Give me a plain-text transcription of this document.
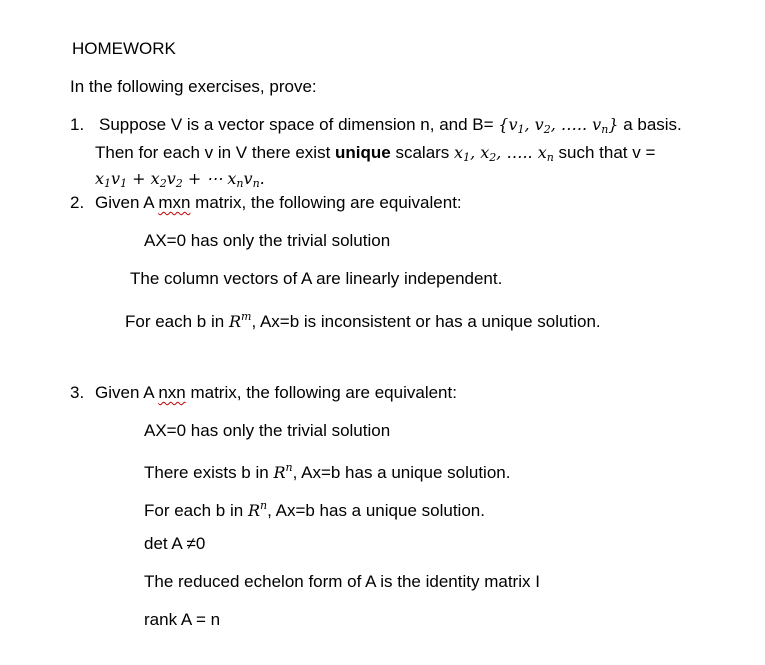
HOMEWORK
In the following exercises, prove:
1. Suppose V is a vector space of dimension n, and $B= \{v_1$, $v_2$, ….. $v_n$} a basis.
Then for each v in V there exist unique scalars $x_1$, $x_2$, ….. $x_n$ such that v =
$x_1v_1 + x_2v_2$ + ⋯ $x_nv_n$.
2. Given A mxn matrix, the following are equivalent:
AX=0 has only the trivial solution
The column vectors of A are linearly independent.
For each b in $R^m$, Ax=b is inconsistent or has a unique solution.
3. Given A nxn matrix, the following are equivalent:
AX=0 has only the trivial solution
There exists b in $R^n$, Ax=b has a unique solution.
For each b in $R^n$, Ax=b has a unique solution.
det A ≠0
The reduced echelon form of A is the identity matrix I
rank A = n
